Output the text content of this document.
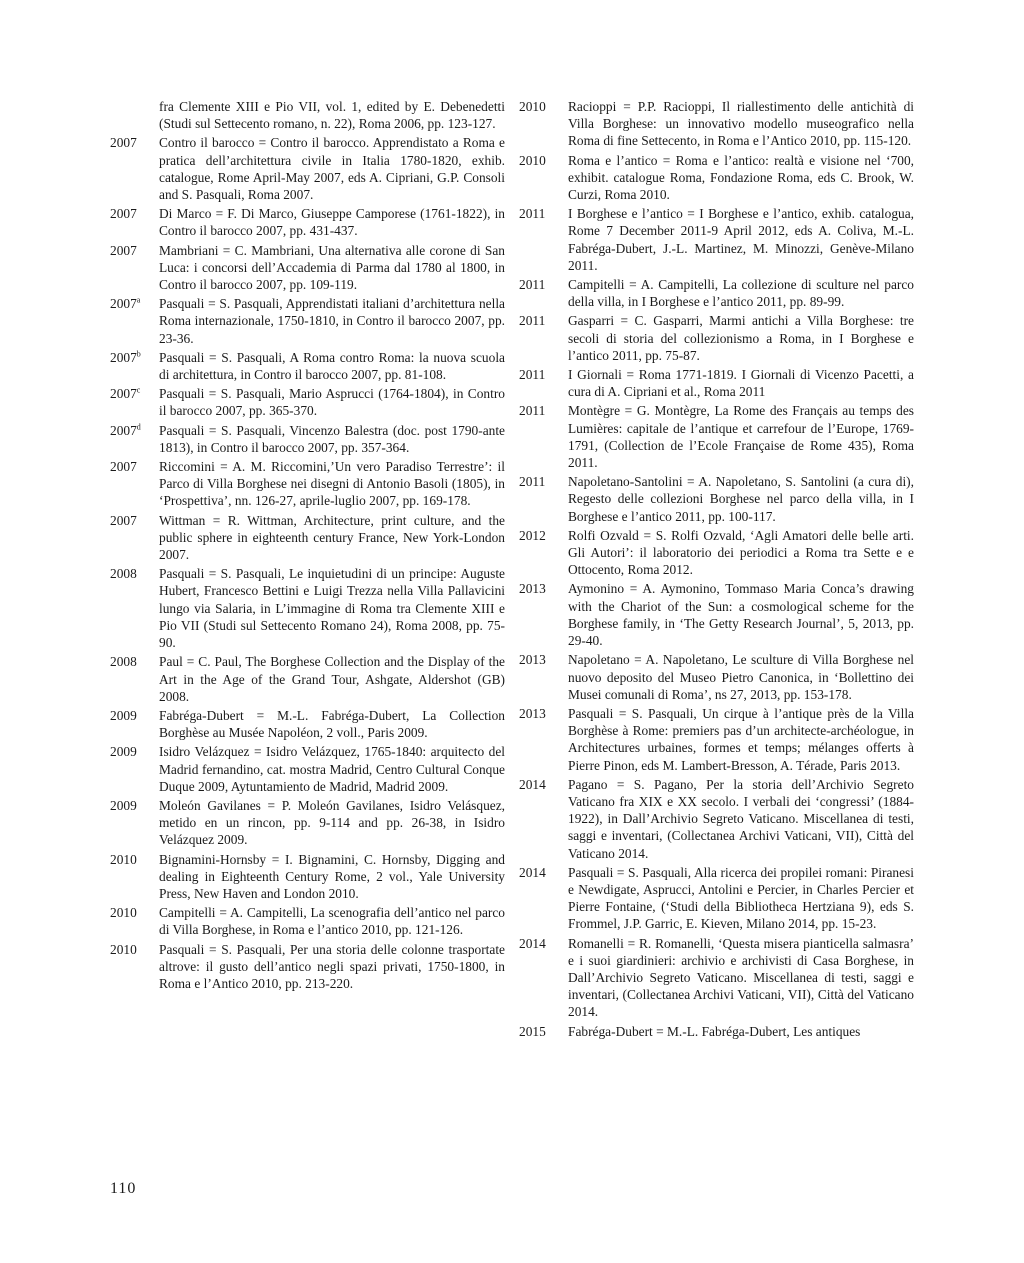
fra Clemente XIII e Pio VII, vol. 1, edited by E. Debenedetti (Studi sul Settecento romano, n. 22), Roma 2006, pp. 123-127.
2007 Contro il barocco = Contro il barocco. Apprendistato a Roma e pratica dell’architettura civile in Italia 1780-1820, exhib. catalogue, Rome April-May 2007, eds A. Cipriani, G.P. Consoli and S. Pasquali, Roma 2007.
2007 Di Marco = F. Di Marco, Giuseppe Camporese (1761-1822), in Contro il barocco 2007, pp. 431-437.
2007 Mambriani = C. Mambriani, Una alternativa alle corone di San Luca: i concorsi dell’Accademia di Parma dal 1780 al 1800, in Contro il barocco 2007, pp. 109-119.
2007$^a$ Pasquali = S. Pasquali, Apprendistati italiani d’architettura nella Roma internazionale, 1750-1810, in Contro il barocco 2007, pp. 23-36.
2007$^b$ Pasquali = S. Pasquali, A Roma contro Roma: la nuova scuola di architettura, in Contro il barocco 2007, pp. 81-108.
2007$^c$ Pasquali = S. Pasquali, Mario Asprucci (1764-1804), in Contro il barocco 2007, pp. 365-370.
2007$^d$ Pasquali = S. Pasquali, Vincenzo Balestra (doc. post 1790-ante 1813), in Contro il barocco 2007, pp. 357-364.
2007 Riccomini = A. M. Riccomini,’Un vero Paradiso Terrestre’: il Parco di Villa Borghese nei disegni di Antonio Basoli (1805), in ‘Prospettiva’, nn. 126-27, aprile-luglio 2007, pp. 169-178.
2007 Wittman = R. Wittman, Architecture, print culture, and the public sphere in eighteenth century France, New York-London 2007.
2008 Pasquali = S. Pasquali, Le inquietudini di un principe: Auguste Hubert, Francesco Bettini e Luigi Trezza nella Villa Pallavicini lungo via Salaria, in L’immagine di Roma tra Clemente XIII e Pio VII (Studi sul Settecento Romano 24), Roma 2008, pp. 75-90.
2008 Paul = C. Paul, The Borghese Collection and the Display of the Art in the Age of the Grand Tour, Ashgate, Aldershot (GB) 2008.
2009 Fabréga-Dubert = M.-L. Fabréga-Dubert, La Collection Borghèse au Musée Napoléon, 2 voll., Paris 2009.
2009 Isidro Velázquez = Isidro Velázquez, 1765-1840: arquitecto del Madrid fernandino, cat. mostra Madrid, Centro Cultural Conque Duque 2009, Aytuntamiento de Madrid, Madrid 2009.
2009 Moleón Gavilanes = P. Moleón Gavilanes, Isidro Velásquez, metido en un rincon, pp. 9-114 and pp. 26-38, in Isidro Velázquez 2009.
2010 Bignamini-Hornsby = I. Bignamini, C. Hornsby, Digging and dealing in Eighteenth Century Rome, 2 vol., Yale University Press, New Haven and London 2010.
2010 Campitelli = A. Campitelli, La scenografia dell’antico nel parco di Villa Borghese, in Roma e l’antico 2010, pp. 121-126.
2010 Pasquali = S. Pasquali, Per una storia delle colonne trasportate altrove: il gusto dell’antico negli spazi privati, 1750-1800, in Roma e l’Antico 2010, pp. 213-220.
2010 Racioppi = P.P. Racioppi, Il riallestimento delle antichità di Villa Borghese: un innovativo modello museografico nella Roma di fine Settecento, in Roma e l’Antico 2010, pp. 115-120.
2010 Roma e l’antico = Roma e l’antico: realtà e visione nel ‘700, exhibit. catalogue Roma, Fondazione Roma, eds C. Brook, W. Curzi, Roma 2010.
2011 I Borghese e l’antico = I Borghese e l’antico, exhib. catalogua, Rome 7 December 2011-9 April 2012, eds A. Coliva, M.-L. Fabréga-Dubert, J.-L. Martinez, M. Minozzi, Genève-Milano 2011.
2011 Campitelli = A. Campitelli, La collezione di sculture nel parco della villa, in I Borghese e l’antico 2011, pp. 89-99.
2011 Gasparri = C. Gasparri, Marmi antichi a Villa Borghese: tre secoli di storia del collezionismo a Roma, in I Borghese e l’antico 2011, pp. 75-87.
2011 I Giornali = Roma 1771-1819. I Giornali di Vicenzo Pacetti, a cura di A. Cipriani et al., Roma 2011
2011 Montègre = G. Montègre, La Rome des Français au temps des Lumières: capitale de l’antique et carrefour de l’Europe, 1769-1791, (Collection de l’Ecole Française de Rome 435), Roma 2011.
2011 Napoletano-Santolini = A. Napoletano, S. Santolini (a cura di), Regesto delle collezioni Borghese nel parco della villa, in I Borghese e l’antico 2011, pp. 100-117.
2012 Rolfi Ozvald = S. Rolfi Ozvald, ‘Agli Amatori delle belle arti. Gli Autori’: il laboratorio dei periodici a Roma tra Sette e e Ottocento, Roma 2012.
2013 Aymonino = A. Aymonino, Tommaso Maria Conca’s drawing with the Chariot of the Sun: a cosmological scheme for the Borghese family, in ‘The Getty Research Journal’, 5, 2013, pp. 29-40.
2013 Napoletano = A. Napoletano, Le sculture di Villa Borghese nel nuovo deposito del Museo Pietro Canonica, in ‘Bollettino dei Musei comunali di Roma’, ns 27, 2013, pp. 153-178.
2013 Pasquali = S. Pasquali, Un cirque à l’antique près de la Villa Borghèse à Rome: premiers pas d’un architecte-archéologue, in Architectures urbaines, formes et temps; mélanges offerts à Pierre Pinon, eds M. Lambert-Bresson, A. Térade, Paris 2013.
2014 Pagano = S. Pagano, Per la storia dell’Archivio Segreto Vaticano fra XIX e XX secolo. I verbali dei ‘congressi’ (1884-1922), in Dall’Archivio Segreto Vaticano. Miscellanea di testi, saggi e inventari, (Collectanea Archivi Vaticani, VII), Città del Vaticano 2014.
2014 Pasquali = S. Pasquali, Alla ricerca dei propilei romani: Piranesi e Newdigate, Asprucci, Antolini e Percier, in Charles Percier et Pierre Fontaine, (‘Studi della Bibliotheca Hertziana 9), eds S. Frommel, J.P. Garric, E. Kieven, Milano 2014, pp. 15-23.
2014 Romanelli = R. Romanelli, ‘Questa misera pianticella salmasra’ e i suoi giardinieri: archivio e archivisti di Casa Borghese, in Dall’Archivio Segreto Vaticano. Miscellanea di testi, saggi e inventari, (Collectanea Archivi Vaticani, VII), Città del Vaticano 2014.
2015 Fabréga-Dubert = M.-L. Fabréga-Dubert, Les antiques
110
